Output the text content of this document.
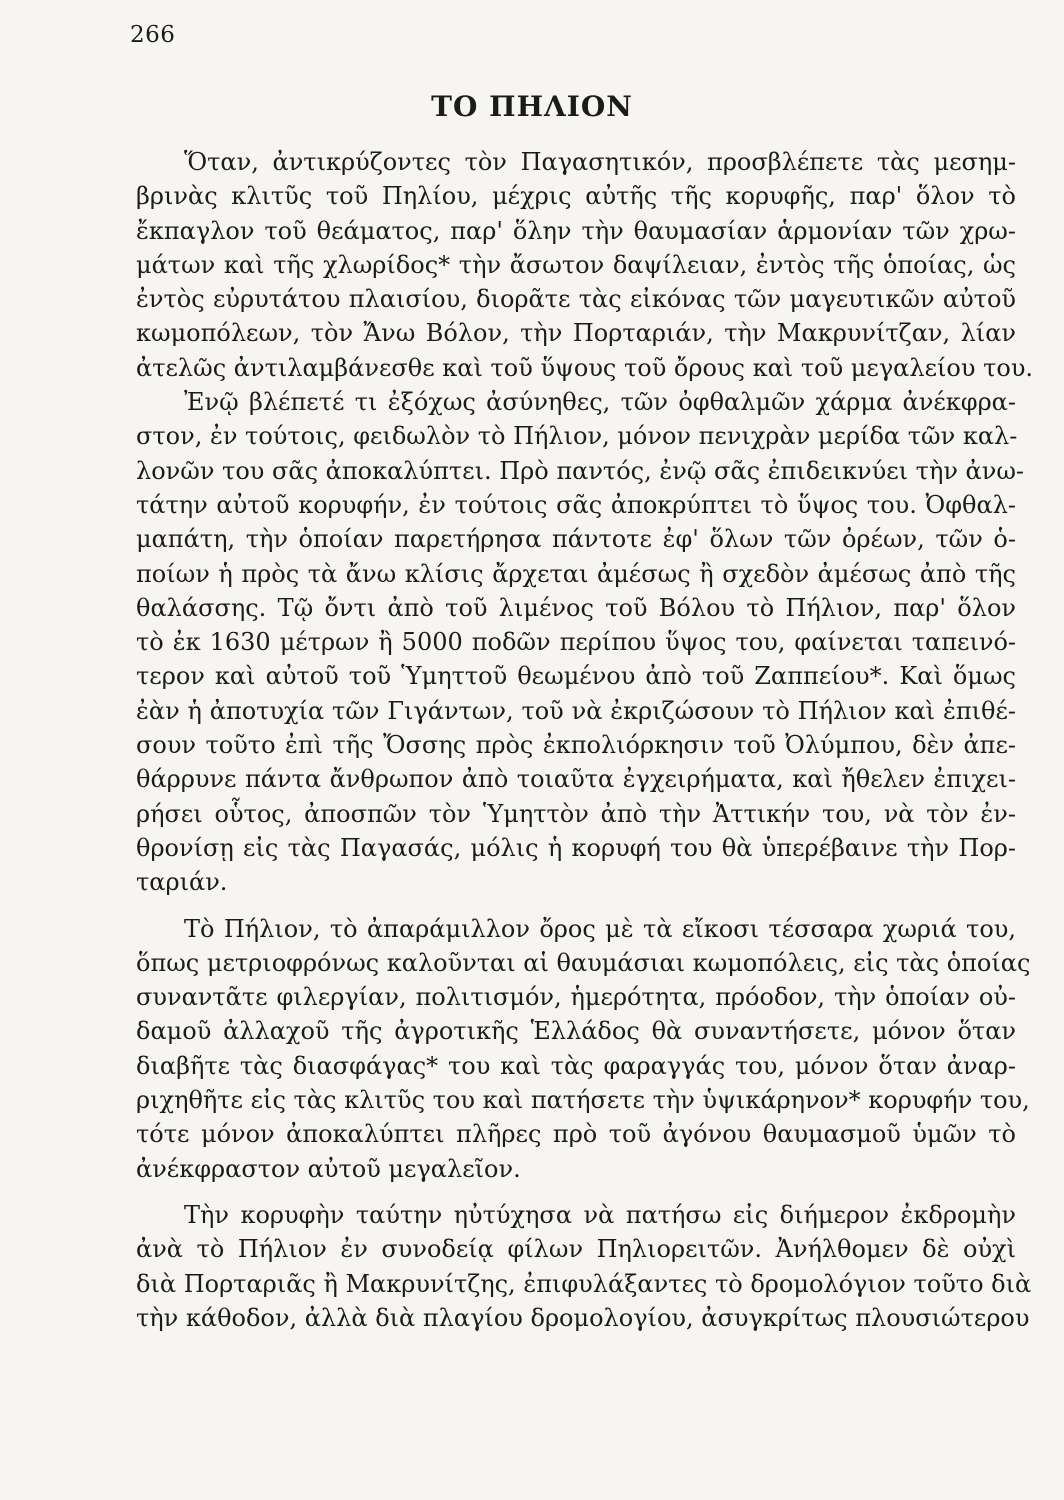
266
ΤΟ ΠΗΛΙΟΝ
Ὅταν, ἀντικρύζοντες τὸν Παγασητικόν, προσβλέπετε τὰς μεσημ-
βρινὰς κλιτῦς τοῦ Πηλίου, μέχρις αὐτῆς τῆς κορυφῆς, παρ' ὅλον τὸ
ἔκπαγλον τοῦ θεάματος, παρ' ὅλην τὴν θαυμασίαν ἁρμονίαν τῶν χρω-
μάτων καὶ τῆς χλωρίδος* τὴν ἄσωτον δαψίλειαν, ἐντὸς τῆς ὁποίας, ὡς
ἐντὸς εὐρυτάτου πλαισίου, διορᾶτε τὰς εἰκόνας τῶν μαγευτικῶν αὐτοῦ
κωμοπόλεων, τὸν Ἄνω Βόλον, τὴν Πορταριάν, τὴν Μακρυνίτζαν, λίαν
ἀτελῶς ἀντιλαμβάνεσθε καὶ τοῦ ὕψους τοῦ ὄρους καὶ τοῦ μεγαλείου του.
Ἐνῷ βλέπετέ τι ἐξόχως ἀσύνηθες, τῶν ὀφθαλμῶν χάρμα ἀνέκφρα-
στον, ἐν τούτοις, φειδωλὸν τὸ Πήλιον, μόνον πενιχρὰν μερίδα τῶν καλ-
λονῶν του σᾶς ἀποκαλύπτει. Πρὸ παντός, ἐνῷ σᾶς ἐπιδεικνύει τὴν ἀνω-
τάτην αὐτοῦ κορυφήν, ἐν τούτοις σᾶς ἀποκρύπτει τὸ ὕψος του. Ὀφθαλ-
μαπάτη, τὴν ὁποίαν παρετήρησα πάντοτε ἐφ' ὅλων τῶν ὀρέων, τῶν ὁ-
ποίων ἡ πρὸς τὰ ἄνω κλίσις ἄρχεται ἀμέσως ἢ σχεδὸν ἀμέσως ἀπὸ τῆς
θαλάσσης. Τῷ ὄντι ἀπὸ τοῦ λιμένος τοῦ Βόλου τὸ Πήλιον, παρ' ὅλον
τὸ ἐκ 1630 μέτρων ἢ 5000 ποδῶν περίπου ὕψος του, φαίνεται ταπεινό-
τερον καὶ αὐτοῦ τοῦ Ὑμηττοῦ θεωμένου ἀπὸ τοῦ Ζαππείου*. Καὶ ὅμως
ἐὰν ἡ ἀποτυχία τῶν Γιγάντων, τοῦ νὰ ἐκριζώσουν τὸ Πήλιον καὶ ἐπιθέ-
σουν τοῦτο ἐπὶ τῆς Ὄσσης πρὸς ἐκπολιόρκησιν τοῦ Ὀλύμπου, δὲν ἀπε-
θάρρυνε πάντα ἄνθρωπον ἀπὸ τοιαῦτα ἐγχειρήματα, καὶ ἤθελεν ἐπιχει-
ρήσει οὗτος, ἀποσπῶν τὸν Ὑμηττὸν ἀπὸ τὴν Ἀττικήν του, νὰ τὸν ἐν-
θρονίσῃ εἰς τὰς Παγασάς, μόλις ἡ κορυφή του θὰ ὑπερέβαινε τὴν Πορ-
ταριάν.
Τὸ Πήλιον, τὸ ἀπαράμιλλον ὄρος μὲ τὰ εἴκοσι τέσσαρα χωριά του,
ὅπως μετριοφρόνως καλοῦνται αἱ θαυμάσιαι κωμοπόλεις, εἰς τὰς ὁποίας
συναντᾶτε φιλεργίαν, πολιτισμόν, ἡμερότητα, πρόοδον, τὴν ὁποίαν οὐ-
δαμοῦ ἀλλαχοῦ τῆς ἀγροτικῆς Ἑλλάδος θὰ συναντήσετε, μόνον ὅταν
διαβῆτε τὰς διασφάγας* του καὶ τὰς φαραγγάς του, μόνον ὅταν ἀναρ-
ριχηθῆτε εἰς τὰς κλιτῦς του καὶ πατήσετε τὴν ὑψικάρηνον* κορυφήν του,
τότε μόνον ἀποκαλύπτει πλῆρες πρὸ τοῦ ἀγόνου θαυμασμοῦ ὑμῶν τὸ
ἀνέκφραστον αὐτοῦ μεγαλεῖον.
Τὴν κορυφὴν ταύτην ηὐτύχησα νὰ πατήσω εἰς διήμερον ἐκδρομὴν
ἀνὰ τὸ Πήλιον ἐν συνοδείᾳ φίλων Πηλιορειτῶν. Ἀνήλθομεν δὲ οὐχὶ
διὰ Πορταριᾶς ἢ Μακρυνίτζης, ἐπιφυλάξαντες τὸ δρομολόγιον τοῦτο διὰ
τὴν κάθοδον, ἀλλὰ διὰ πλαγίου δρομολογίου, ἀσυγκρίτως πλουσιώτερου
